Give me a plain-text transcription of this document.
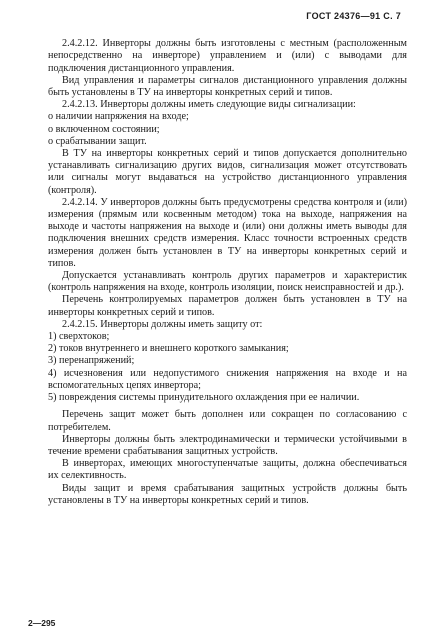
ГОСТ 24376—91 С. 7

2.4.2.12. Инверторы должны быть изготовлены с местным (расположенным непосредственно на инверторе) управлением и (или) с выводами для подключения дистанционного управления.

Вид управления и параметры сигналов дистанционного управления должны быть установлены в ТУ на инверторы конкретных серий и типов.

2.4.2.13. Инверторы должны иметь следующие виды сигнализации:

о наличии напряжения на входе;
о включенном состоянии;
о срабатывании защит.

В ТУ на инверторы конкретных серий и типов допускается дополнительно устанавливать сигнализацию других видов, сигнализация может отсутствовать или сигналы могут выдаваться на устройство дистанционного управления (контроля).

2.4.2.14. У инверторов должны быть предусмотрены средства контроля и (или) измерения (прямым или косвенным методом) тока на выходе, напряжения на выходе и частоты напряжения на выходе и (или) они должны иметь выводы для подключения внешних средств измерения. Класс точности встроенных средств измерения должен быть установлен в ТУ на инверторы конкретных серий и типов.

Допускается устанавливать контроль других параметров и характеристик (контроль напряжения на входе, контроль изоляции, поиск неисправностей и др.).

Перечень контролируемых параметров должен быть установлен в ТУ на инверторы конкретных серий и типов.

2.4.2.15. Инверторы должны иметь защиту от:

1) сверхтоков;
2) токов внутреннего и внешнего короткого замыкания;
3) перенапряжений;
4) исчезновения или недопустимого снижения напряжения на входе и на вспомогательных цепях инвертора;
5) повреждения системы принудительного охлаждения при ее наличии.

Перечень защит может быть дополнен или сокращен по согласованию с потребителем.

Инверторы должны быть электродинамически и термически устойчивыми в течение времени срабатывания защитных устройств.

В инверторах, имеющих многоступенчатые защиты, должна обеспечиваться их селективность.

Виды защит и время срабатывания защитных устройств должны быть установлены в ТУ на инверторы конкретных серий и типов.

2—295
